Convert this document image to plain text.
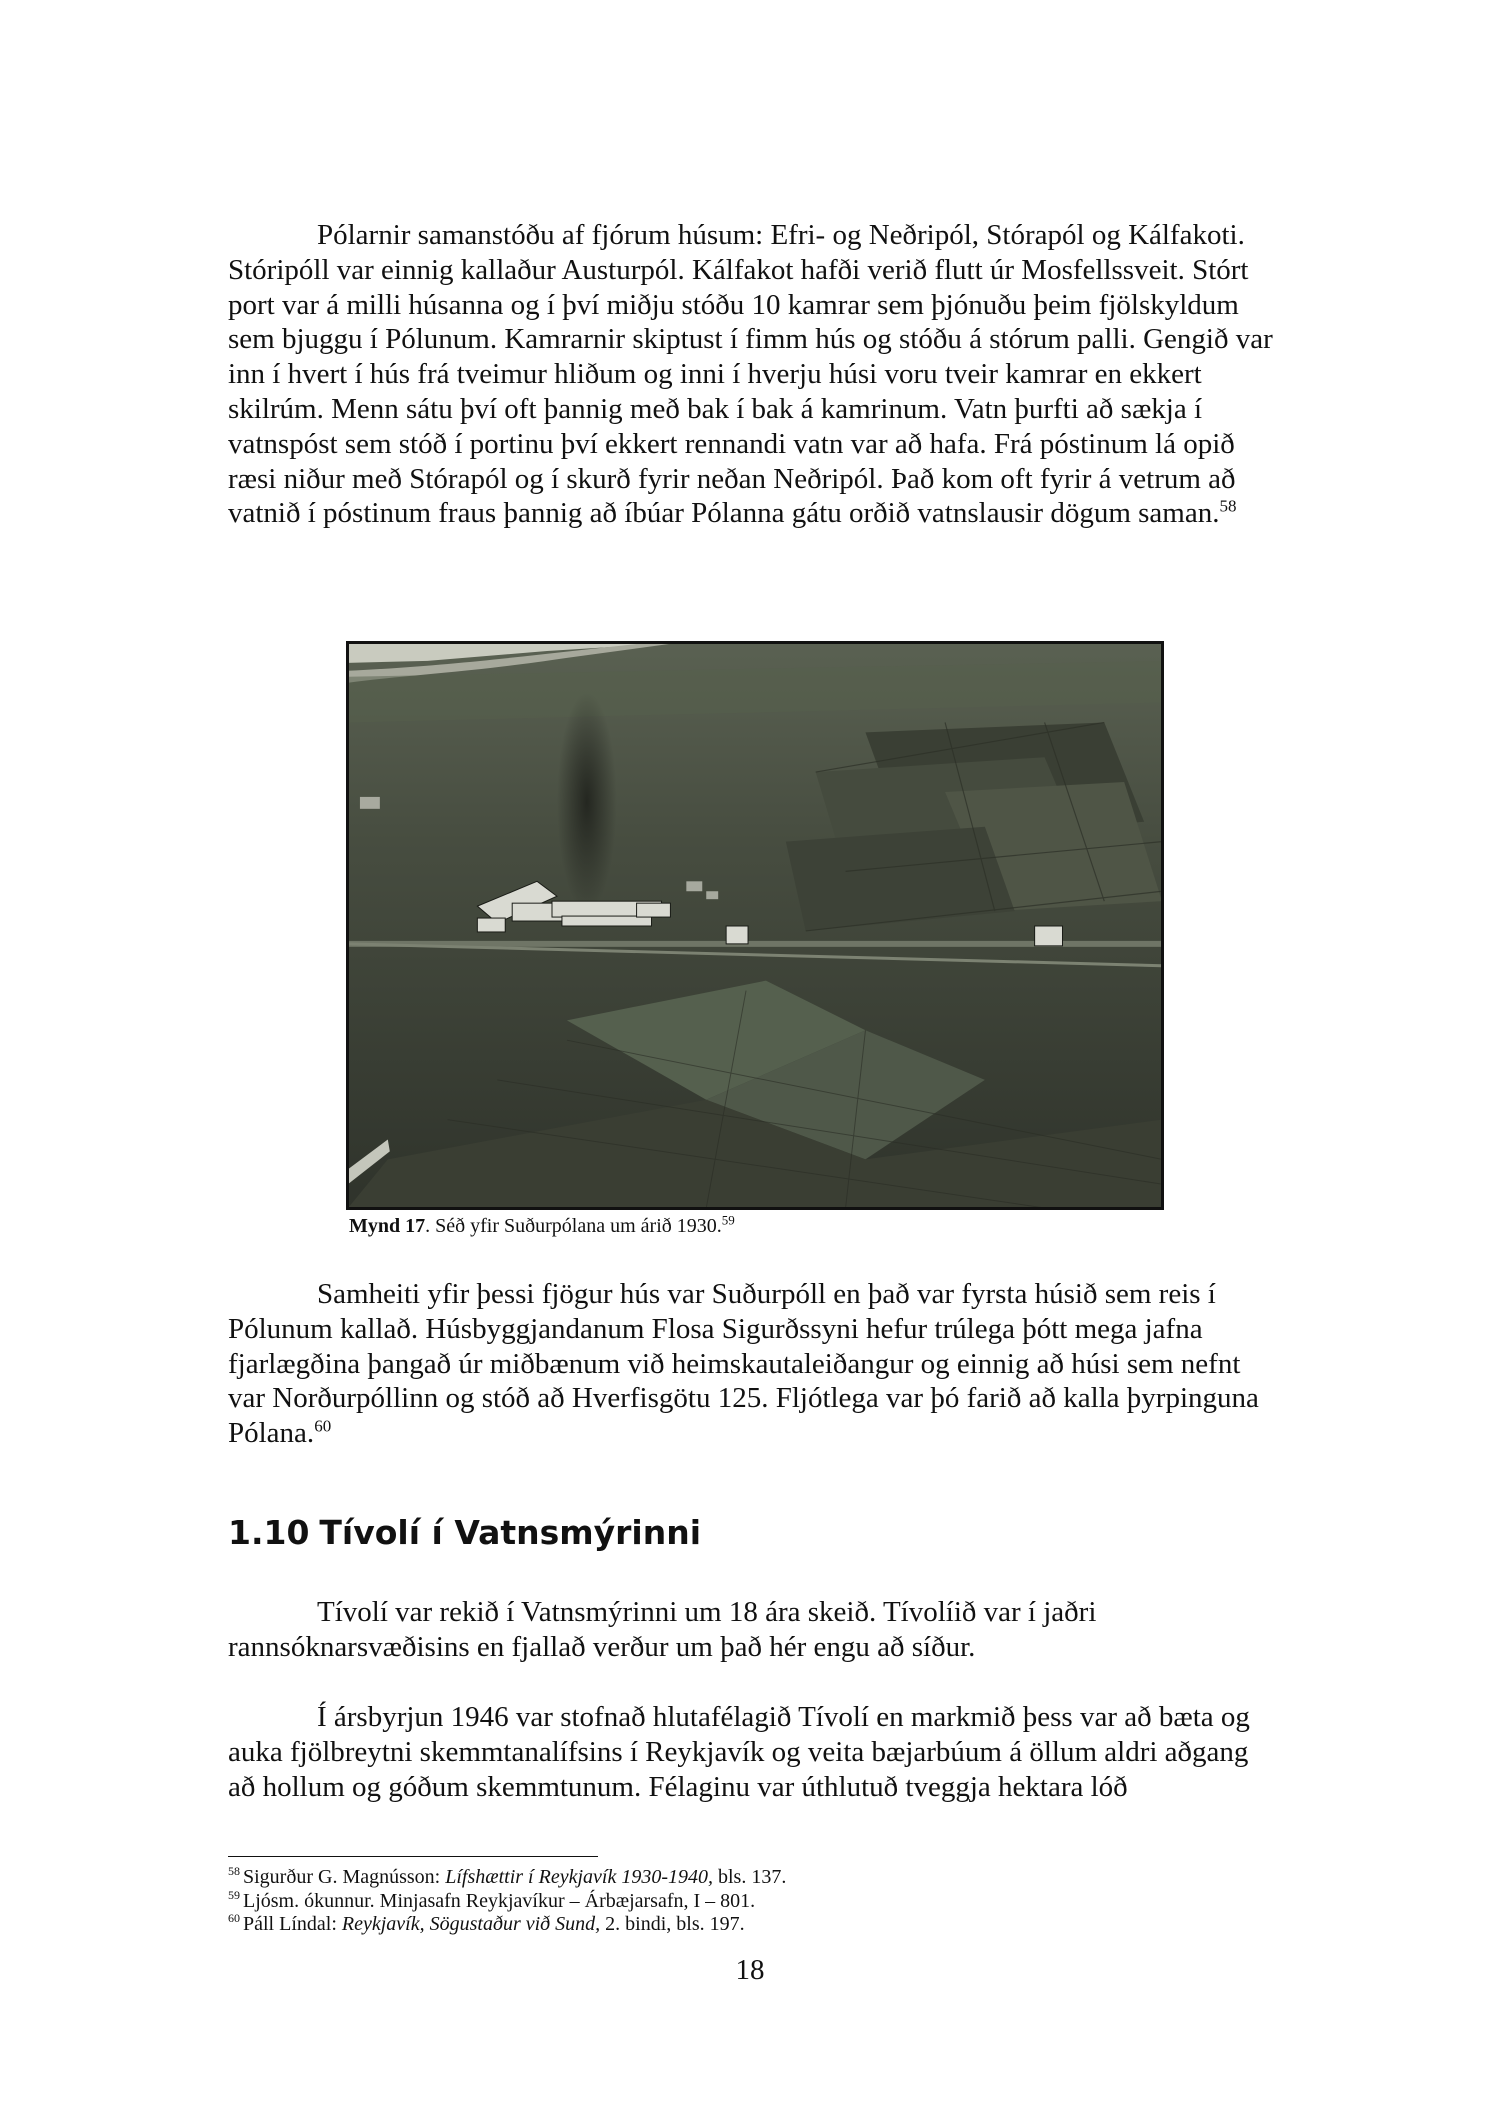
Pólarnir samanstóðu af fjórum húsum: Efri- og Neðripól, Stórapól og Kálfakoti. Stóripóll var einnig kallaður Austurpól. Kálfakot hafði verið flutt úr Mosfellssveit. Stórt port var á milli húsanna og í því miðju stóðu 10 kamrar sem þjónuðu þeim fjölskyldum sem bjuggu í Pólunum. Kamrarnir skiptust í fimm hús og stóðu á stórum palli. Gengið var inn í hvert í hús frá tveimur hliðum og inni í hverju húsi voru tveir kamrar en ekkert skilrúm. Menn sátu því oft þannig með bak í bak á kamrinum. Vatn þurfti að sækja í vatnspóst sem stóð í portinu því ekkert rennandi vatn var að hafa. Frá póstinum lá opið ræsi niður með Stórapól og í skurð fyrir neðan Neðripól. Það kom oft fyrir á vetrum að vatnið í póstinum fraus þannig að íbúar Pólanna gátu orðið vatnslausir dögum saman.$^{58}$

Mynd 17. Séð yfir Suðurpólana um árið 1930.59

Samheiti yfir þessi fjögur hús var Suðurpóll en það var fyrsta húsið sem reis í Pólunum kallað. Húsbyggjandanum Flosa Sigurðssyni hefur trúlega þótt mega jafna fjarlægðina þangað úr miðbænum við heimskautaleiðangur og einnig að húsi sem nefnt var Norðurpóllinn og stóð að Hverfisgötu 125. Fljótlega var þó farið að kalla þyrpinguna Pólana.$^{60}$

1.10 Tívolí í Vatnsmýrinni

Tívolí var rekið í Vatnsmýrinni um 18 ára skeið. Tívolíið var í jaðri rannsóknarsvæðisins en fjallað verður um það hér engu að síður.

Í ársbyrjun 1946 var stofnað hlutafélagið Tívolí en markmið þess var að bæta og auka fjölbreytni skemmtanalífsins í Reykjavík og veita bæjarbúum á öllum aldri aðgang að hollum og góðum skemmtunum. Félaginu var úthlutuð tveggja hektara lóð

$^{58}$ Sigurður G. Magnússon: Lífshættir í Reykjavík 1930-1940, bls. 137.

$^{59}$ Ljósm. ókunnur. Minjasafn Reykjavíkur – Árbæjarsafn, I – 801.

$^{60}$ Páll Líndal: Reykjavík, Sögustaður við Sund, 2. bindi, bls. 197.

18
